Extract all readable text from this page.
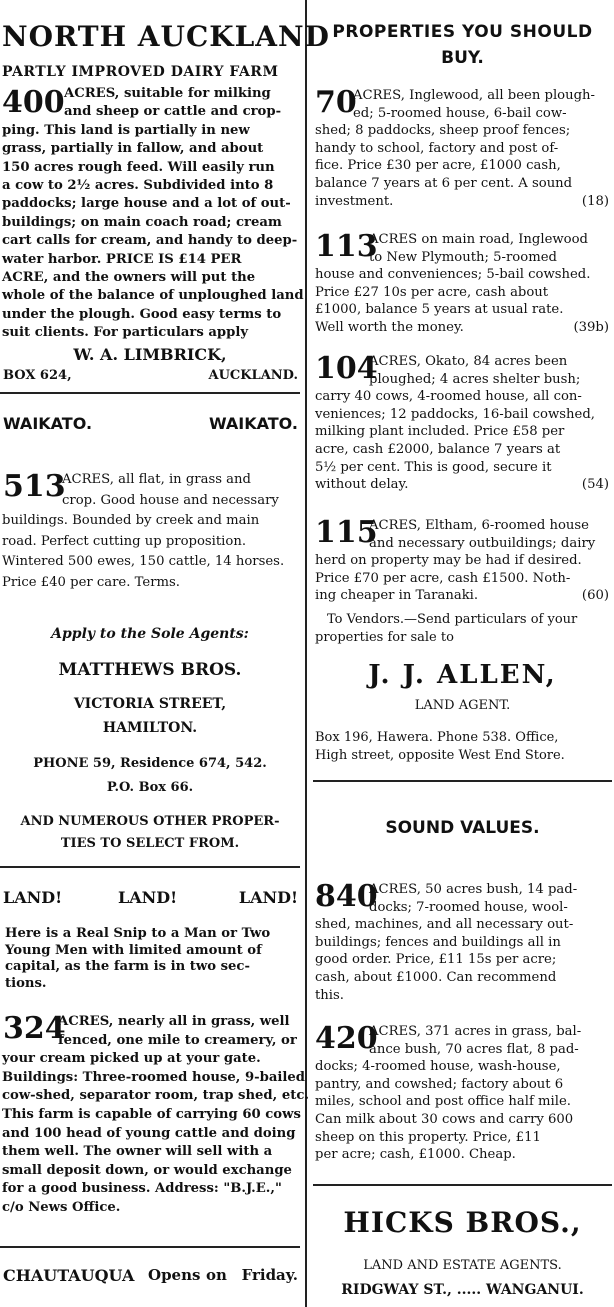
NORTH AUCKLAND
PARTLY IMPROVED DAIRY FARM
400 ACRES, suitable for milking
and sheep or cattle and crop-
ping. This land is partially in new
grass, partially in fallow, and about
150 acres rough feed. Will easily run
a cow to 2½ acres. Subdivided into 8
paddocks; large house and a lot of out-
buildings; on main coach road; cream
cart calls for cream, and handy to deep-
water harbor. PRICE IS £14 PER
ACRE, and the owners will put the
whole of the balance of unploughed land
under the plough. Good easy terms to
suit clients. For particulars apply
W. A. LIMBRICK,
BOX 624,	AUCKLAND.
WAIKATO.	WAIKATO.
513
ACRES, all flat, in grass and
crop. Good house and necessary
buildings. Bounded by creek and main
road. Perfect cutting up proposition.
Wintered 500 ewes, 150 cattle, 14 horses.
Price £40 per care. Terms.
Apply to the Sole Agents:
MATTHEWS BROS.
VICTORIA STREET,
HAMILTON.
PHONE 59, Residence 674, 542.
P.O. Box 66.
AND NUMEROUS OTHER PROPER-
TIES TO SELECT FROM.
LAND!	LAND!	LAND!
Here is a Real Snip to a Man or Two
Young Men with limited amount of
capital, as the farm is in two sec-
tions.
324
ACRES, nearly all in grass, well
fenced, one mile to creamery, or
your cream picked up at your gate.
Buildings: Three-roomed house, 9-bailed
cow-shed, separator room, trap shed, etc.
This farm is capable of carrying 60 cows
and 100 head of young cattle and doing
them well. The owner will sell with a
small deposit down, or would exchange
for a good business. Address: "B.J.E.,"
c/o News Office.
CHAUTAUQUA Opens on Friday.
PROPERTIES YOU SHOULD
BUY.
70
ACRES, Inglewood, all been plough-
ed; 5-roomed house, 6-bail cow-
shed; 8 paddocks, sheep proof fences;
handy to school, factory and post of-
fice. Price £30 per acre, £1000 cash,
balance 7 years at 6 per cent. A sound
investment.	(18)
113
ACRES on main road, Inglewood
to New Plymouth; 5-roomed
house and conveniences; 5-bail cowshed.
Price £27 10s per acre, cash about
£1000, balance 5 years at usual rate.
Well worth the money.	(39b)
104
ACRES, Okato, 84 acres been
ploughed; 4 acres shelter bush;
carry 40 cows, 4-roomed house, all con-
veniences; 12 paddocks, 16-bail cowshed,
milking plant included. Price £58 per
acre, cash £2000, balance 7 years at
5½ per cent. This is good, secure it
without delay.	(54)
115
ACRES, Eltham, 6-roomed house
and necessary outbuildings; dairy
herd on property may be had if desired.
Price £70 per acre, cash £1500. Noth-
ing cheaper in Taranaki.	(60)
To Vendors.—Send particulars of your
properties for sale to
J. J. ALLEN,
LAND AGENT.
Box 196, Hawera. Phone 538. Office,
High street, opposite West End Store.
SOUND VALUES.
840
ACRES, 50 acres bush, 14 pad-
docks; 7-roomed house, wool-
shed, machines, and all necessary out-
buildings; fences and buildings all in
good order. Price, £11 15s per acre;
cash, about £1000. Can recommend
this.
420
ACRES, 371 acres in grass, bal-
ance bush, 70 acres flat, 8 pad-
docks; 4-roomed house, wash-house,
pantry, and cowshed; factory about 6
miles, school and post office half mile.
Can milk about 30 cows and carry 600
sheep on this property. Price, £11
per acre; cash, £1000. Cheap.
HICKS BROS.,
LAND AND ESTATE AGENTS.
RIDGWAY ST., ..... WANGANUI.
